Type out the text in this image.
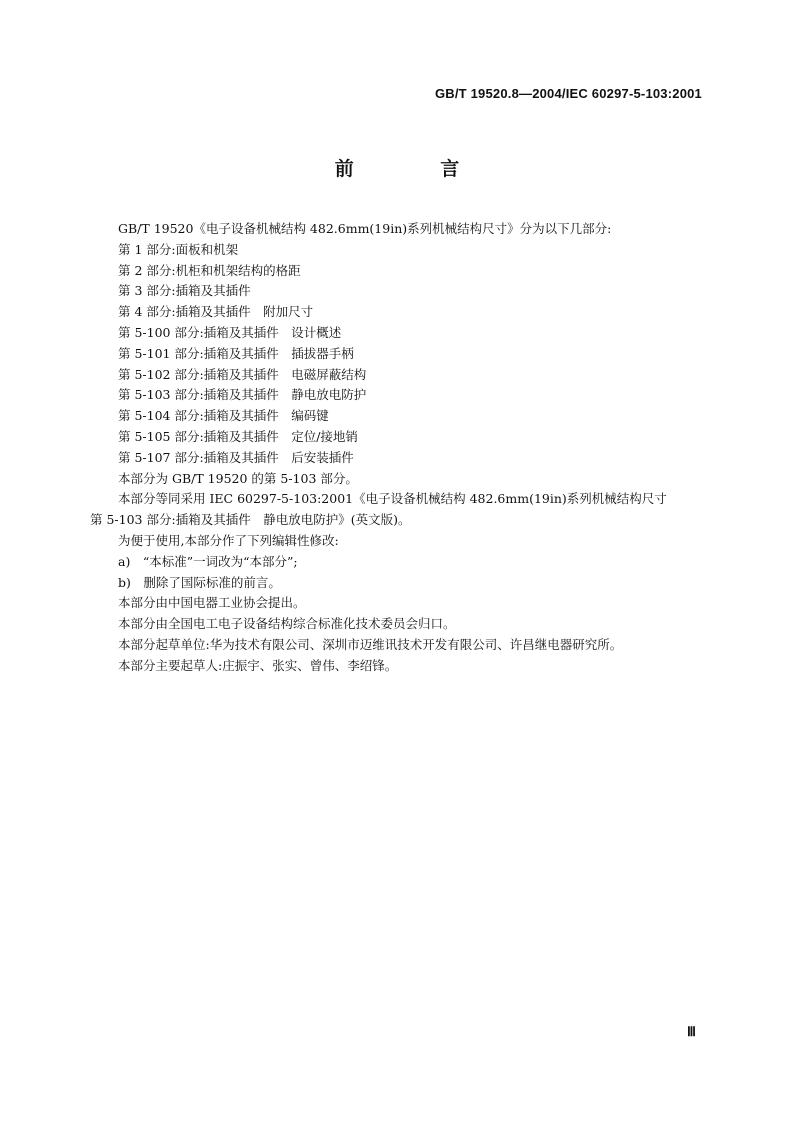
GB/T 19520.8—2004/IEC 60297-5-103:2001
前 言

GB/T 19520《电子设备机械结构 482.6mm(19in)系列机械结构尺寸》分为以下几部分:

第 1 部分:面板和机架

第 2 部分:机柜和机架结构的格距

第 3 部分:插箱及其插件

第 4 部分:插箱及其插件　附加尺寸

第 5-100 部分:插箱及其插件　设计概述

第 5-101 部分:插箱及其插件　插拔器手柄

第 5-102 部分:插箱及其插件　电磁屏蔽结构

第 5-103 部分:插箱及其插件　静电放电防护

第 5-104 部分:插箱及其插件　编码键

第 5-105 部分:插箱及其插件　定位/接地销

第 5-107 部分:插箱及其插件　后安装插件

本部分为 GB/T 19520 的第 5-103 部分。

本部分等同采用 IEC 60297-5-103:2001《电子设备机械结构 482.6mm(19in)系列机械结构尺寸　第 5-103 部分:插箱及其插件　静电放电防护》(英文版)。

为便于使用,本部分作了下列编辑性修改:

a)　“本标准”一词改为“本部分”;

b)　删除了国际标准的前言。

本部分由中国电器工业协会提出。

本部分由全国电工电子设备结构综合标准化技术委员会归口。

本部分起草单位:华为技术有限公司、深圳市迈维讯技术开发有限公司、许昌继电器研究所。

本部分主要起草人:庄振宇、张实、曾伟、李绍锋。

Ⅲ
